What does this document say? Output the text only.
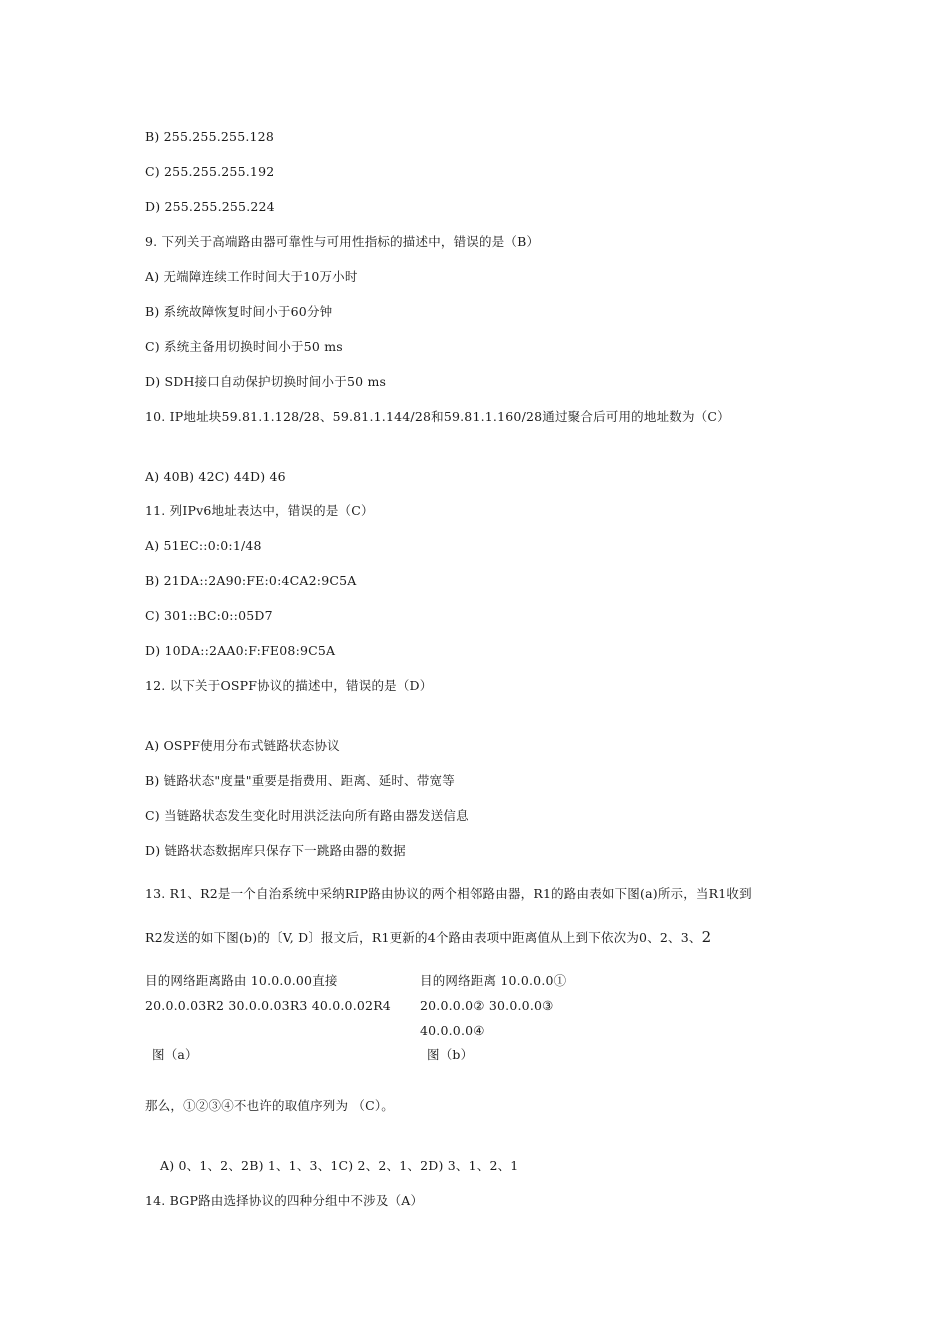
B) 255.255.255.128
C) 255.255.255.192
D) 255.255.255.224
9. 下列关于高端路由器可靠性与可用性指标的描述中，错误的是（B）
A) 无端障连续工作时间大于10万小时
B) 系统故障恢复时间小于60分钟
C) 系统主备用切换时间小于50 ms
D) SDH接口自动保护切换时间小于50 ms
10. IP地址块59.81.1.128/28、59.81.1.144/28和59.81.1.160/28通过聚合后可用的地址数为（C）
A) 40B) 42C) 44D) 46
11. 列IPv6地址表达中，错误的是（C）
A) 51EC::0:0:1/48
B) 21DA::2A90:FE:0:4CA2:9C5A
C) 301::BC:0::05D7
D) 10DA::2AA0:F:FE08:9C5A
12. 以下关于OSPF协议的描述中，错误的是（D）
A) OSPF使用分布式链路状态协议
B) 链路状态"度量"重要是指费用、距离、延时、带宽等
C) 当链路状态发生变化时用洪泛法向所有路由器发送信息
D) 链路状态数据库只保存下一跳路由器的数据
13. R1、R2是一个自治系统中采纳RIP路由协议的两个相邻路由器，R1的路由表如下图(a)所示，当R1收到
R2发送的如下图(b)的〔V, D〕报文后，R1更新的4个路由表项中距离值从上到下依次为0、2、3、2
目的网络距离路由 10.0.0.00直接
20.0.0.03R2 30.0.0.03R3 40.0.0.02R4
图（a）
目的网络距离 10.0.0.0①
20.0.0.0② 30.0.0.0③
40.0.0.0④
图（b）
那么，①②③④不也许的取值序列为 （C）。
A) 0、1、2、2B) 1、1、3、1C) 2、2、1、2D) 3、1、2、1
14. BGP路由选择协议的四种分组中不涉及（A）
